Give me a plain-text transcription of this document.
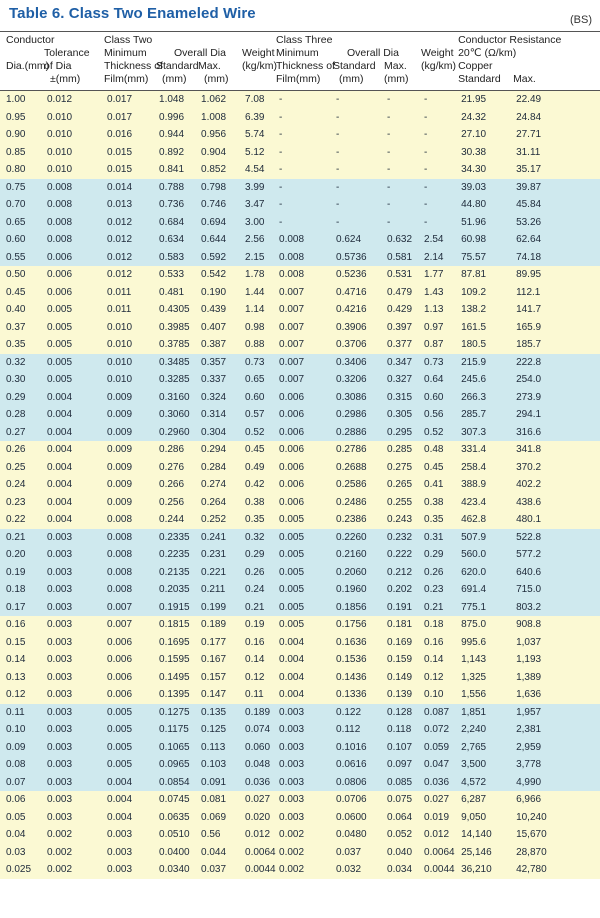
Table 6. Class Two Enameled Wire	(BS)
Conductor		Class Two				Class Three				Conductor Resistance	
	Tolerance	Minimum	Overall Dia		Weight	Minimum	Overall Dia		Weight	20℃ (Ω/km)	
Dia.(mm)	of Dia	Thickness of	Standard	Max.	(kg/km)	Thickness of	Standard	Max.	(kg/km)	Copper	
	±(mm)	Film(mm)	(mm)	(mm)		Film(mm)	(mm)	(mm)		Standard	Max.
1.00	0.012	0.017	1.048	1.062	7.08	-	-	-	-	21.95	22.49
0.95	0.010	0.017	0.996	1.008	6.39	-	-	-	-	24.32	24.84
0.90	0.010	0.016	0.944	0.956	5.74	-	-	-	-	27.10	27.71
0.85	0.010	0.015	0.892	0.904	5.12	-	-	-	-	30.38	31.11
0.80	0.010	0.015	0.841	0.852	4.54	-	-	-	-	34.30	35.17
0.75	0.008	0.014	0.788	0.798	3.99	-	-	-	-	39.03	39.87
0.70	0.008	0.013	0.736	0.746	3.47	-	-	-	-	44.80	45.84
0.65	0.008	0.012	0.684	0.694	3.00	-	-	-	-	51.96	53.26
0.60	0.008	0.012	0.634	0.644	2.56	0.008	0.624	0.632	2.54	60.98	62.64
0.55	0.006	0.012	0.583	0.592	2.15	0.008	0.5736	0.581	2.14	75.57	74.18
0.50	0.006	0.012	0.533	0.542	1.78	0.008	0.5236	0.531	1.77	87.81	89.95
0.45	0.006	0.011	0.481	0.190	1.44	0.007	0.4716	0.479	1.43	109.2	112.1
0.40	0.005	0.011	0.4305	0.439	1.14	0.007	0.4216	0.429	1.13	138.2	141.7
0.37	0.005	0.010	0.3985	0.407	0.98	0.007	0.3906	0.397	0.97	161.5	165.9
0.35	0.005	0.010	0.3785	0.387	0.88	0.007	0.3706	0.377	0.87	180.5	185.7
0.32	0.005	0.010	0.3485	0.357	0.73	0.007	0.3406	0.347	0.73	215.9	222.8
0.30	0.005	0.010	0.3285	0.337	0.65	0.007	0.3206	0.327	0.64	245.6	254.0
0.29	0.004	0.009	0.3160	0.324	0.60	0.006	0.3086	0.315	0.60	266.3	273.9
0.28	0.004	0.009	0.3060	0.314	0.57	0.006	0.2986	0.305	0.56	285.7	294.1
0.27	0.004	0.009	0.2960	0.304	0.52	0.006	0.2886	0.295	0.52	307.3	316.6
0.26	0.004	0.009	0.286	0.294	0.45	0.006	0.2786	0.285	0.48	331.4	341.8
0.25	0.004	0.009	0.276	0.284	0.49	0.006	0.2688	0.275	0.45	258.4	370.2
0.24	0.004	0.009	0.266	0.274	0.42	0.006	0.2586	0.265	0.41	388.9	402.2
0.23	0.004	0.009	0.256	0.264	0.38	0.006	0.2486	0.255	0.38	423.4	438.6
0.22	0.004	0.008	0.244	0.252	0.35	0.005	0.2386	0.243	0.35	462.8	480.1
0.21	0.003	0.008	0.2335	0.241	0.32	0.005	0.2260	0.232	0.31	507.9	522.8
0.20	0.003	0.008	0.2235	0.231	0.29	0.005	0.2160	0.222	0.29	560.0	577.2
0.19	0.003	0.008	0.2135	0.221	0.26	0.005	0.2060	0.212	0.26	620.0	640.6
0.18	0.003	0.008	0.2035	0.211	0.24	0.005	0.1960	0.202	0.23	691.4	715.0
0.17	0.003	0.007	0.1915	0.199	0.21	0.005	0.1856	0.191	0.21	775.1	803.2
0.16	0.003	0.007	0.1815	0.189	0.19	0.005	0.1756	0.181	0.18	875.0	908.8
0.15	0.003	0.006	0.1695	0.177	0.16	0.004	0.1636	0.169	0.16	995.6	1,037
0.14	0.003	0.006	0.1595	0.167	0.14	0.004	0.1536	0.159	0.14	1,143	1,193
0.13	0.003	0.006	0.1495	0.157	0.12	0.004	0.1436	0.149	0.12	1,325	1,389
0.12	0.003	0.006	0.1395	0.147	0.11	0.004	0.1336	0.139	0.10	1,556	1,636
0.11	0.003	0.005	0.1275	0.135	0.189	0.003	0.122	0.128	0.087	1,851	1,957
0.10	0.003	0.005	0.1175	0.125	0.074	0.003	0.112	0.118	0.072	2,240	2,381
0.09	0.003	0.005	0.1065	0.113	0.060	0.003	0.1016	0.107	0.059	2,765	2,959
0.08	0.003	0.005	0.0965	0.103	0.048	0.003	0.0616	0.097	0.047	3,500	3,778
0.07	0.003	0.004	0.0854	0.091	0.036	0.003	0.0806	0.085	0.036	4,572	4,990
0.06	0.003	0.004	0.0745	0.081	0.027	0.003	0.0706	0.075	0.027	6,287	6,966
0.05	0.003	0.004	0.0635	0.069	0.020	0.003	0.0600	0.064	0.019	9,050	10,240
0.04	0.002	0.003	0.0510	0.56	0.012	0.002	0.0480	0.052	0.012	14,140	15,670
0.03	0.002	0.003	0.0400	0.044	0.0064	0.002	0.037	0.040	0.0064	25,146	28,870
0.025	0.002	0.003	0.0340	0.037	0.0044	0.002	0.032	0.034	0.0044	36,210	42,780
